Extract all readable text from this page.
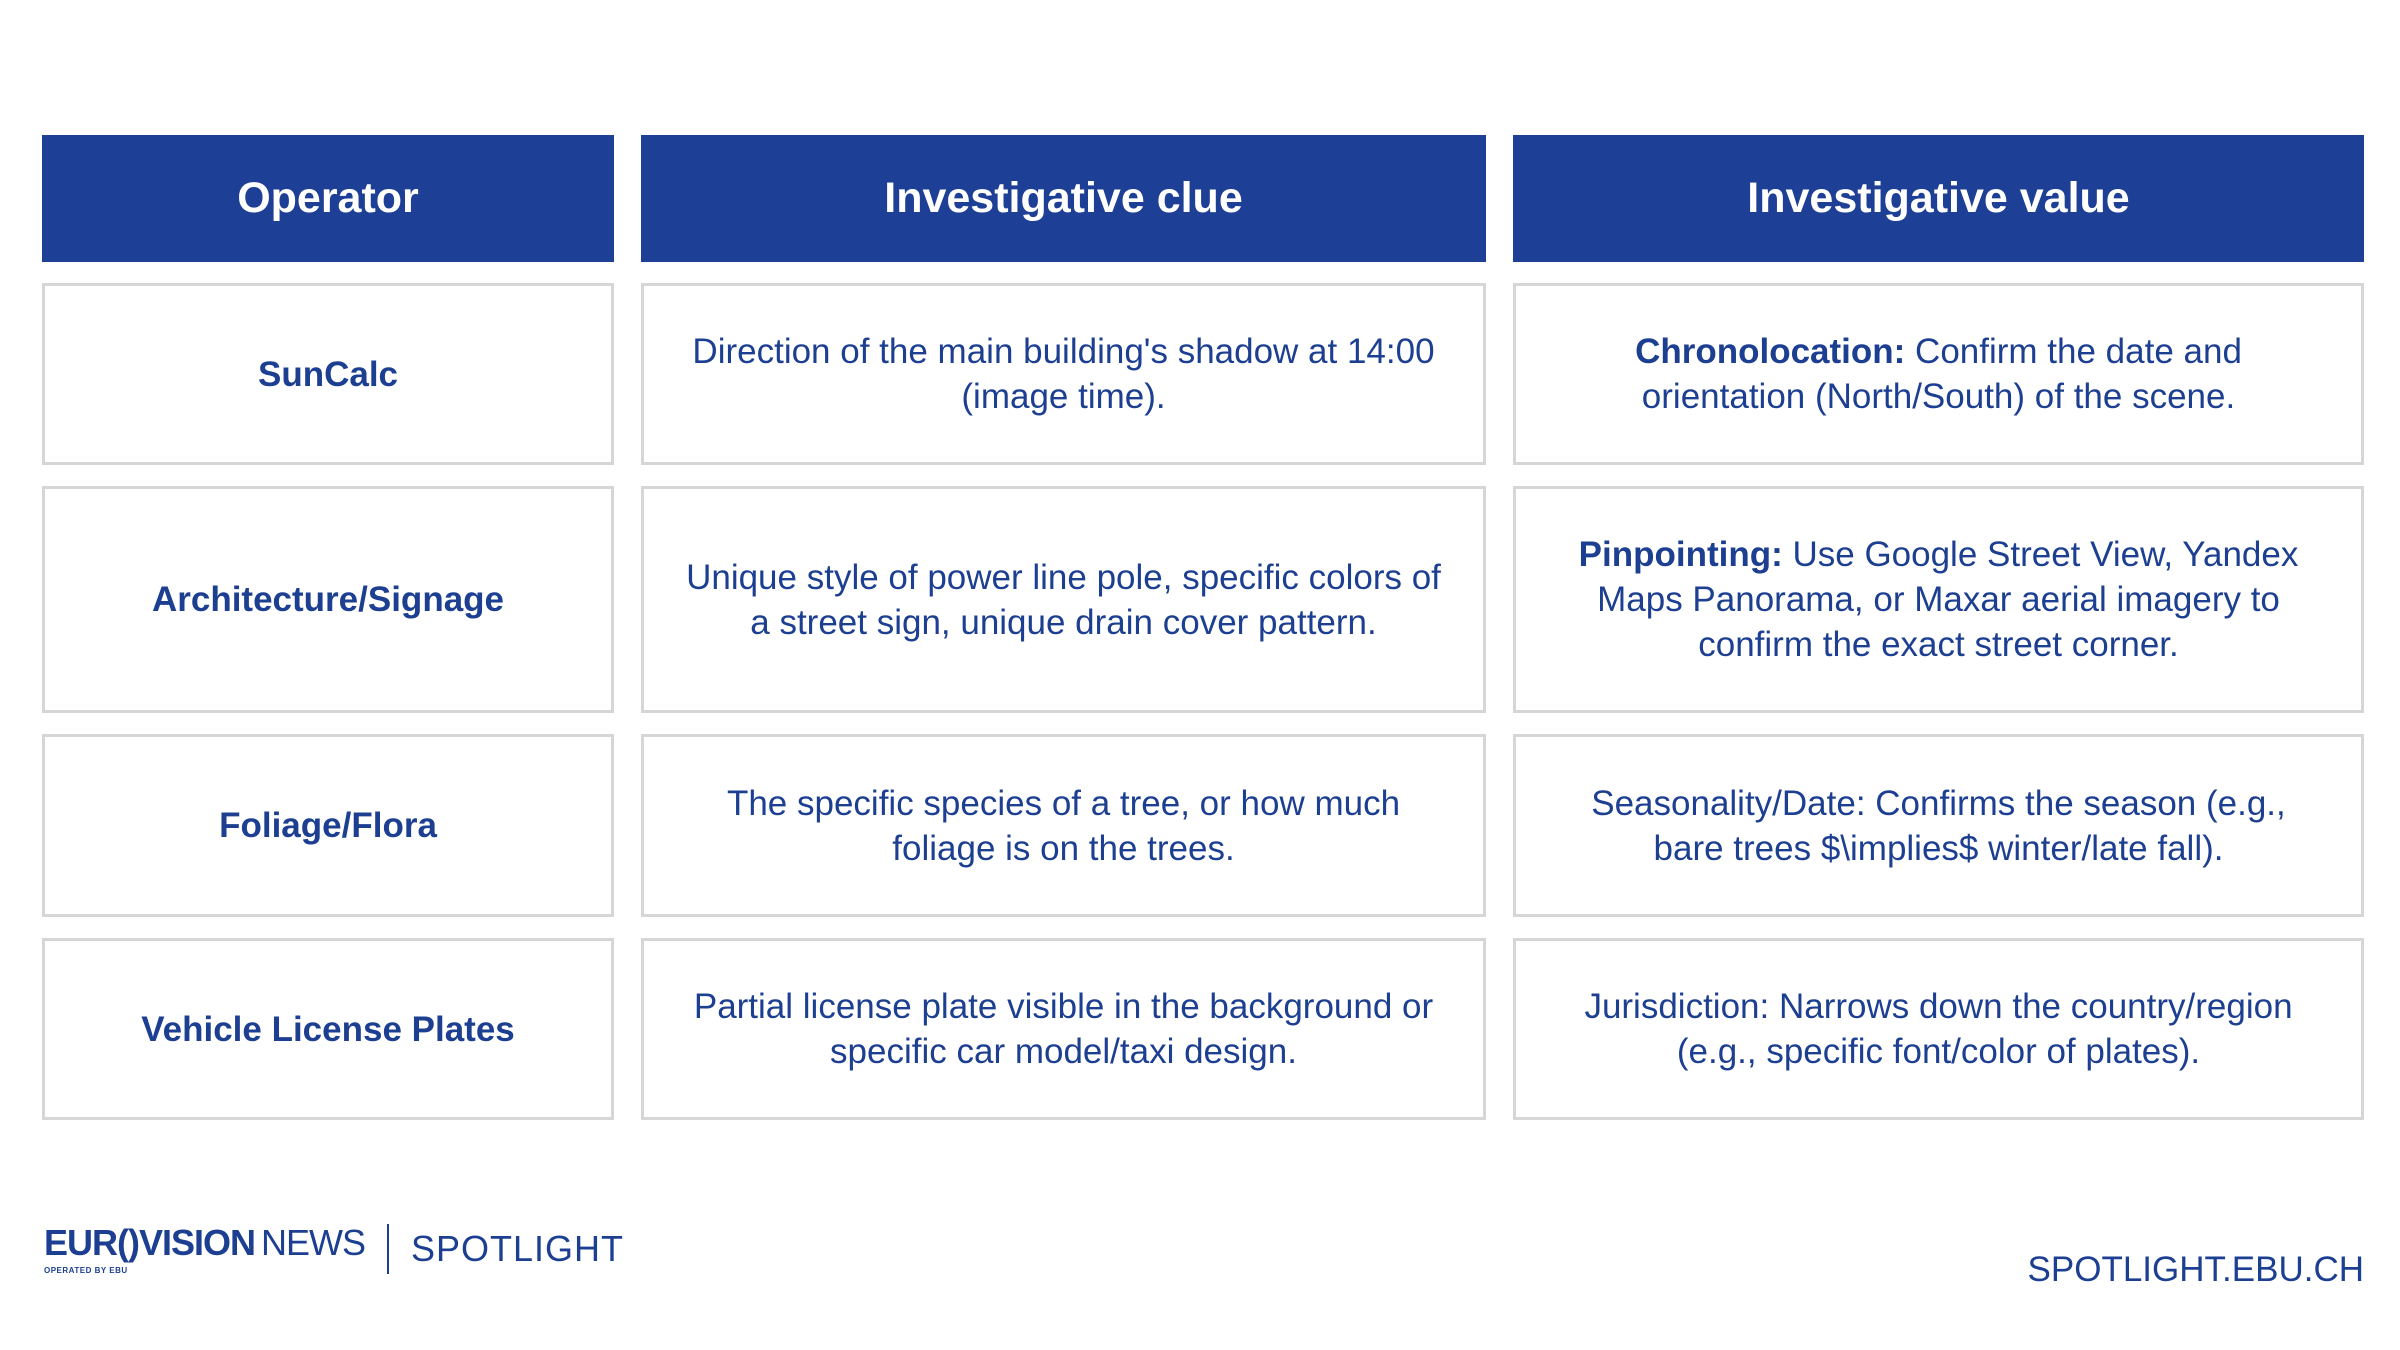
Operator	Investigative clue	Investigative value
SunCalc
Direction of the main building's shadow at 14:00 (image time).
Chronolocation: Confirm the date and orientation (North/South) of the scene.
Architecture/Signage
Unique style of power line pole, specific colors of a street sign, unique drain cover pattern.
Pinpointing: Use Google Street View, Yandex Maps Panorama, or Maxar aerial imagery to confirm the exact street corner.
Foliage/Flora
The specific species of a tree, or how much foliage is on the trees.
Seasonality/Date: Confirms the season (e.g., bare trees $\implies$ winter/late fall).
Vehicle License Plates
Partial license plate visible in the background or specific car model/taxi design.
Jurisdiction: Narrows down the country/region (e.g., specific font/color of plates).
EUR()VISION NEWS
OPERATED BY EBU
SPOTLIGHT
SPOTLIGHT.EBU.CH
